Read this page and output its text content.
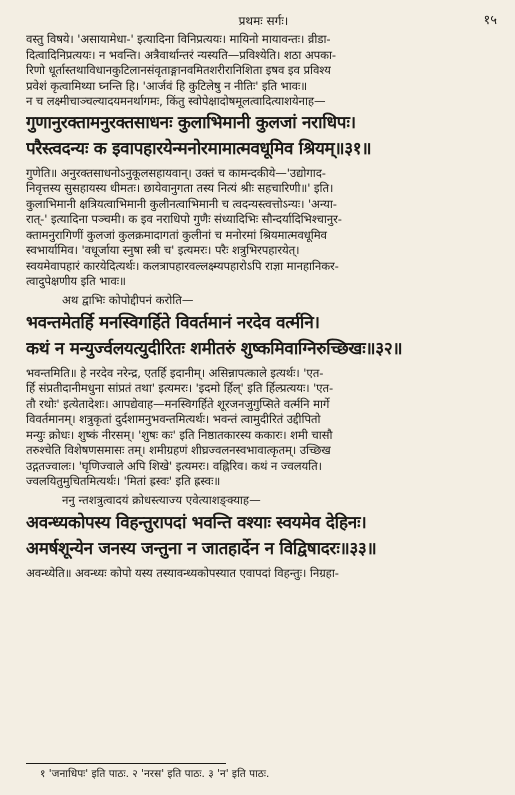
प्रथमः सर्गः।	१५
वस्तु विषये। 'असायामेधा-' इत्यादिना विनिप्रत्ययः। मायिनो मायावन्तः। व्रीडा-
दित्वादिनिप्रत्ययः। न भवन्ति। अत्रैवार्थान्तरं न्यस्यति—प्रविश्येति। शठा अपका-
रिणो धूर्तास्तथाविधानकुटिलानसंवृताङ्गानवमितशरीरानिशिता इषव इव प्रविश्य
प्रवेशं कृत्वामिथ्या घ्नन्ति हि। 'आर्जवं हि कुटिलेषु न नीतिः' इति भावः॥
न च लक्ष्मीचाञ्चल्यादयमनर्थागमः, किंतु स्वोपेक्षादोषमूलत्वादित्याशयेनाह—
गुणानुरक्तामनुरक्तसाधनः कुलाभिमानी कुलजां नराधिपः।
परैस्त्वदन्यः क इवापहारयेन्मनोरमामात्मवधूमिव श्रियम्॥३१॥
गुणेति॥ अनुरक्तसाधनोऽनुकूलसहायवान्। उक्तं च कामन्दकीये—'उद्योगाद-
निवृत्तस्य सुसहायस्य धीमतः। छायेवानुगता तस्य नित्यं श्रीः सहचारिणी॥' इति।
कुलाभिमानी क्षत्रियत्वाभिमानी कुलीनत्वाभिमानी च त्वदन्यस्त्वत्तोऽन्यः। 'अन्या-
रात्-' इत्यादिना पञ्चमी। क इव नराधिपो गुणैः संध्यादिभिः सौन्दर्यादिभिश्चानुर-
क्तामनुरागिणीं कुलजां कुलक्रमादागतां कुलीनां च मनोरमां श्रियमात्मवधूमिव
स्वभार्यामिव। 'वधूर्जाया स्नुषा स्त्री च' इत्यमरः। परैः शत्रुभिरपहारयेत्।
स्वयमेवापहारं कारयेदित्यर्थः। कलत्रापहारवल्लक्ष्म्यपहारोऽपि राज्ञा मानहानिकर-
त्वादुपेक्षणीय इति भावः॥
अथ द्वाभिः कोपोद्दीपनं करोति—
भवन्तमेतर्हि मनस्विगर्हिते विवर्तमानं नरदेव वर्त्मनि।
कथं न मन्युर्ज्वलयत्युदीरितः शमीतरुं शुष्कमिवाग्निरुच्छिखः॥३२॥
भवन्तमिति॥ हे नरदेव नरेन्द्र, एतर्हि इदानीम्। असिन्नापत्काले इत्यर्थः। 'एत-
र्हि संप्रतीदानीमधुना सांप्रतं तथा' इत्यमरः। 'इदमो र्हिल्' इति र्हिल्प्रत्ययः। 'एत-
तौ रथोः' इत्येतादेशः। आपद्येवाह—मनस्विगर्हिते शूरजनजुगुप्सिते वर्त्मनि मार्गे
विवर्तमानम्। शत्रुकृतां दुर्दशामनुभवन्तमित्यर्थः। भवन्तं त्वामुदीरितं उद्दीपितो
मन्युः क्रोधः। शुष्कं नीरसम्। 'शुषः कः' इति निष्ठातकारस्य ककारः। शमी चासौ
तरुश्चेति विशेषणसमासः तम्। शमीग्रहणं शीघ्रज्वलनस्वभावात्कृतम्। उच्छिख
उद्गतज्वालः। 'घृणिज्वाले अपि शिखे' इत्यमरः। वह्निरिव। कथं न ज्वलयति।
ज्वलयितुमुचितमित्यर्थः। 'मितां ह्रस्वः' इति ह्रस्वः॥
ननु न्तशत्रुत्वादयं क्रोधस्त्याज्य एवेत्याशङ्क्याह—
अवन्ध्यकोपस्य विहन्तुरापदां भवन्ति वश्याः स्वयमेव देहिनः।
अमर्षशून्येन जनस्य जन्तुना न जातहार्देन न विद्विषादरः॥३३॥
अवन्ध्येति॥ अवन्ध्यः कोपो यस्य तस्यावन्ध्यकोपस्यात एवापदां विहन्तुः। निग्रहा-
१ 'जनाधिपः' इति पाठः. २ 'नरस' इति पाठः. ३ 'न' इति पाठः.
